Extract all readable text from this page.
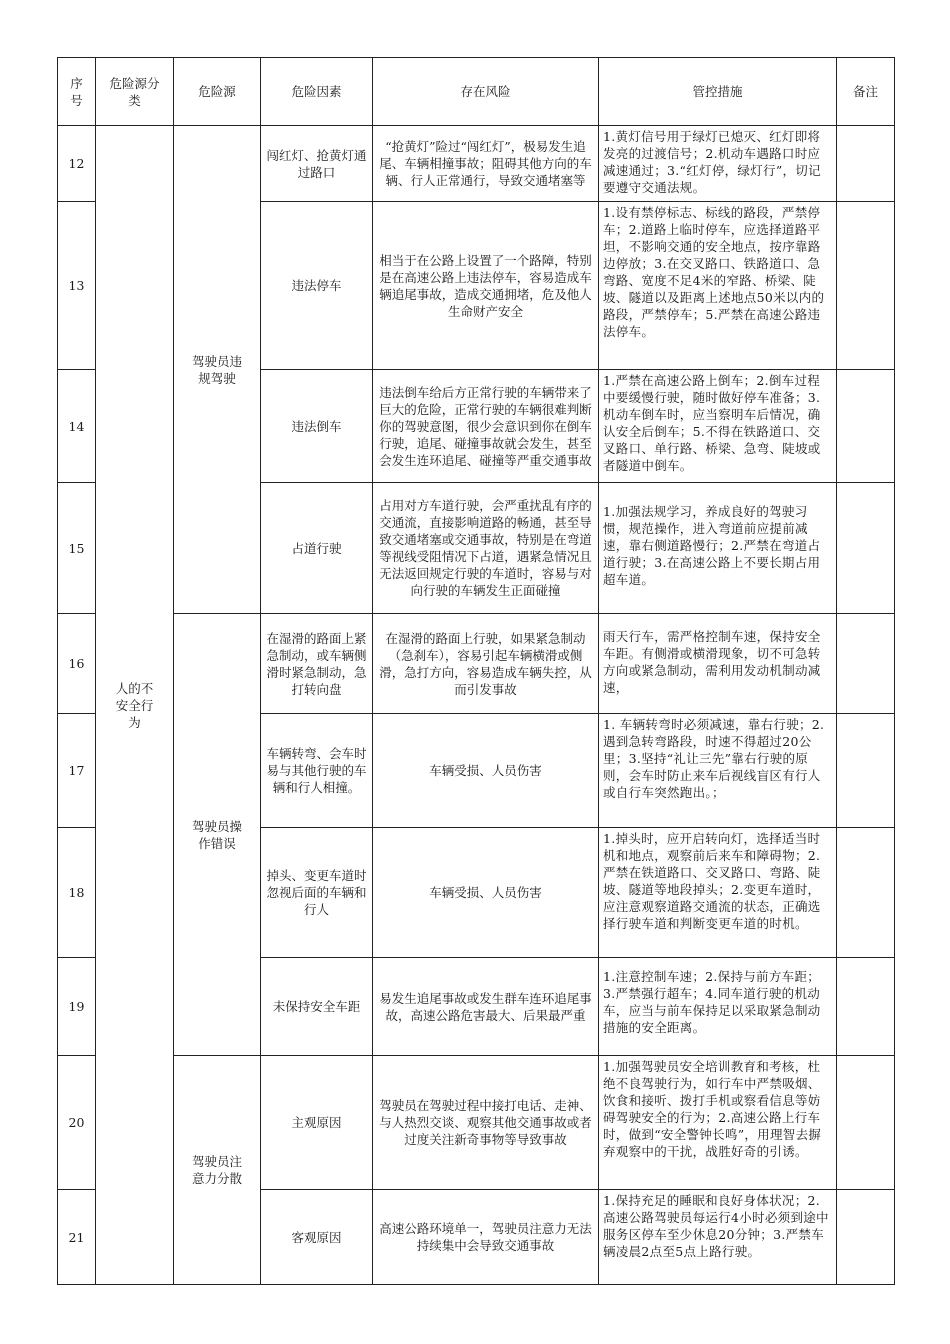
序号	危险源分类	危险源	危险因素	存在风险	管控措施	备注
12	人的不安全行为	驾驶员违规驾驶	闯红灯、抢黄灯通过路口	“抢黄灯”险过“闯红灯”，极易发生追尾、车辆相撞事故；阻碍其他方向的车辆、行人正常通行，导致交通堵塞等	1.黄灯信号用于绿灯已熄灭、红灯即将发亮的过渡信号；2.机动车遇路口时应减速通过；3.“红灯停，绿灯行”，切记要遵守交通法规。	
13			违法停车	相当于在公路上设置了一个路障，特别是在高速公路上违法停车，容易造成车辆追尾事故，造成交通拥堵，危及他人生命财产安全	1.设有禁停标志、标线的路段，严禁停车；2.道路上临时停车，应选择道路平坦，不影响交通的安全地点，按序靠路边停放；3.在交叉路口、铁路道口、急弯路、宽度不足4米的窄路、桥梁、陡坡、隧道以及距离上述地点50米以内的路段，严禁停车；5.严禁在高速公路违法停车。	
14			违法倒车	违法倒车给后方正常行驶的车辆带来了巨大的危险，正常行驶的车辆很难判断你的驾驶意图，很少会意识到你在倒车行驶，追尾、碰撞事故就会发生，甚至会发生连环追尾、碰撞等严重交通事故	1.严禁在高速公路上倒车；2.倒车过程中要缓慢行驶，随时做好停车准备；3.机动车倒车时，应当察明车后情况，确认安全后倒车；5.不得在铁路道口、交叉路口、单行路、桥梁、急弯、陡坡或者隧道中倒车。	
15			占道行驶	占用对方车道行驶，会严重扰乱有序的交通流，直接影响道路的畅通，甚至导致交通堵塞或交通事故，特别是在弯道等视线受阻情况下占道，遇紧急情况且无法返回规定行驶的车道时，容易与对向行驶的车辆发生正面碰撞	1.加强法规学习，养成良好的驾驶习惯，规范操作，进入弯道前应提前减速，靠右侧道路慢行；2.严禁在弯道占道行驶；3.在高速公路上不要长期占用超车道。	
16		驾驶员操作错误	在湿滑的路面上紧急制动，或车辆侧滑时紧急制动，急打转向盘	在湿滑的路面上行驶，如果紧急制动（急刹车），容易引起车辆横滑或侧滑，急打方向，容易造成车辆失控，从而引发事故	雨天行车，需严格控制车速，保持安全车距。有侧滑或横滑现象，切不可急转方向或紧急制动，需利用发动机制动减速，	
17			车辆转弯、会车时易与其他行驶的车辆和行人相撞。	车辆受损、人员伤害	1. 车辆转弯时必须减速，靠右行驶；2.遇到急转弯路段，时速不得超过20公里；3.坚持“礼让三先”靠右行驶的原则，会车时防止来车后视线盲区有行人或自行车突然跑出。；	
18			掉头、变更车道时忽视后面的车辆和行人	车辆受损、人员伤害	1.掉头时，应开启转向灯，选择适当时机和地点，观察前后来车和障碍物；2.严禁在铁道路口、交叉路口、弯路、陡坡、隧道等地段掉头；2.变更车道时，应注意观察道路交通流的状态，正确选择行驶车道和判断变更车道的时机。	
19			未保持安全车距	易发生追尾事故或发生群车连环追尾事故，高速公路危害最大、后果最严重	1.注意控制车速；2.保持与前方车距；3.严禁强行超车；4.同车道行驶的机动车，应当与前车保持足以采取紧急制动措施的安全距离。	
20		驾驶员注意力分散	主观原因	驾驶员在驾驶过程中接打电话、走神、与人热烈交谈、观察其他交通事故或者过度关注新奇事物等导致事故	1.加强驾驶员安全培训教育和考核，杜绝不良驾驶行为，如行车中严禁吸烟、饮食和接听、拨打手机或察看信息等妨碍驾驶安全的行为；2.高速公路上行车时，做到“安全警钟长鸣”，用理智去摒弃观察中的干扰，战胜好奇的引诱。	
21			客观原因	高速公路环境单一，驾驶员注意力无法持续集中会导致交通事故	1.保持充足的睡眠和良好身体状况；2.高速公路驾驶员每运行4小时必须到途中服务区停车至少休息20分钟；3.严禁车辆凌晨2点至5点上路行驶。	
